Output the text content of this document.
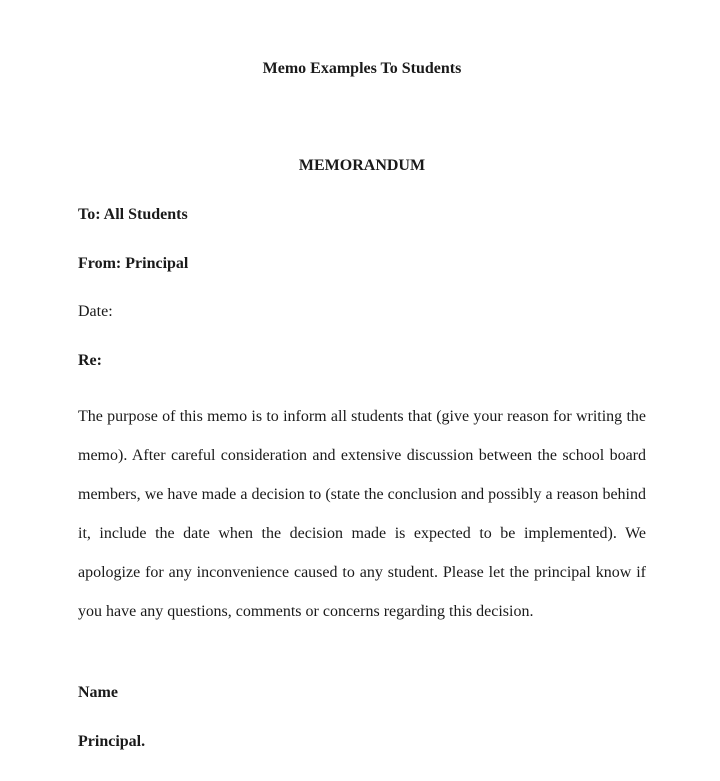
Memo Examples To Students
MEMORANDUM
To: All Students
From: Principal
Date:
Re:

The purpose of this memo is to inform all students that (give your reason for writing the memo). After careful consideration and extensive discussion between the school board members, we have made a decision to (state the conclusion and possibly a reason behind it, include the date when the decision made is expected to be implemented). We apologize for any inconvenience caused to any student. Please let the principal know if you have any questions, comments or concerns regarding this decision.

Name
Principal.
